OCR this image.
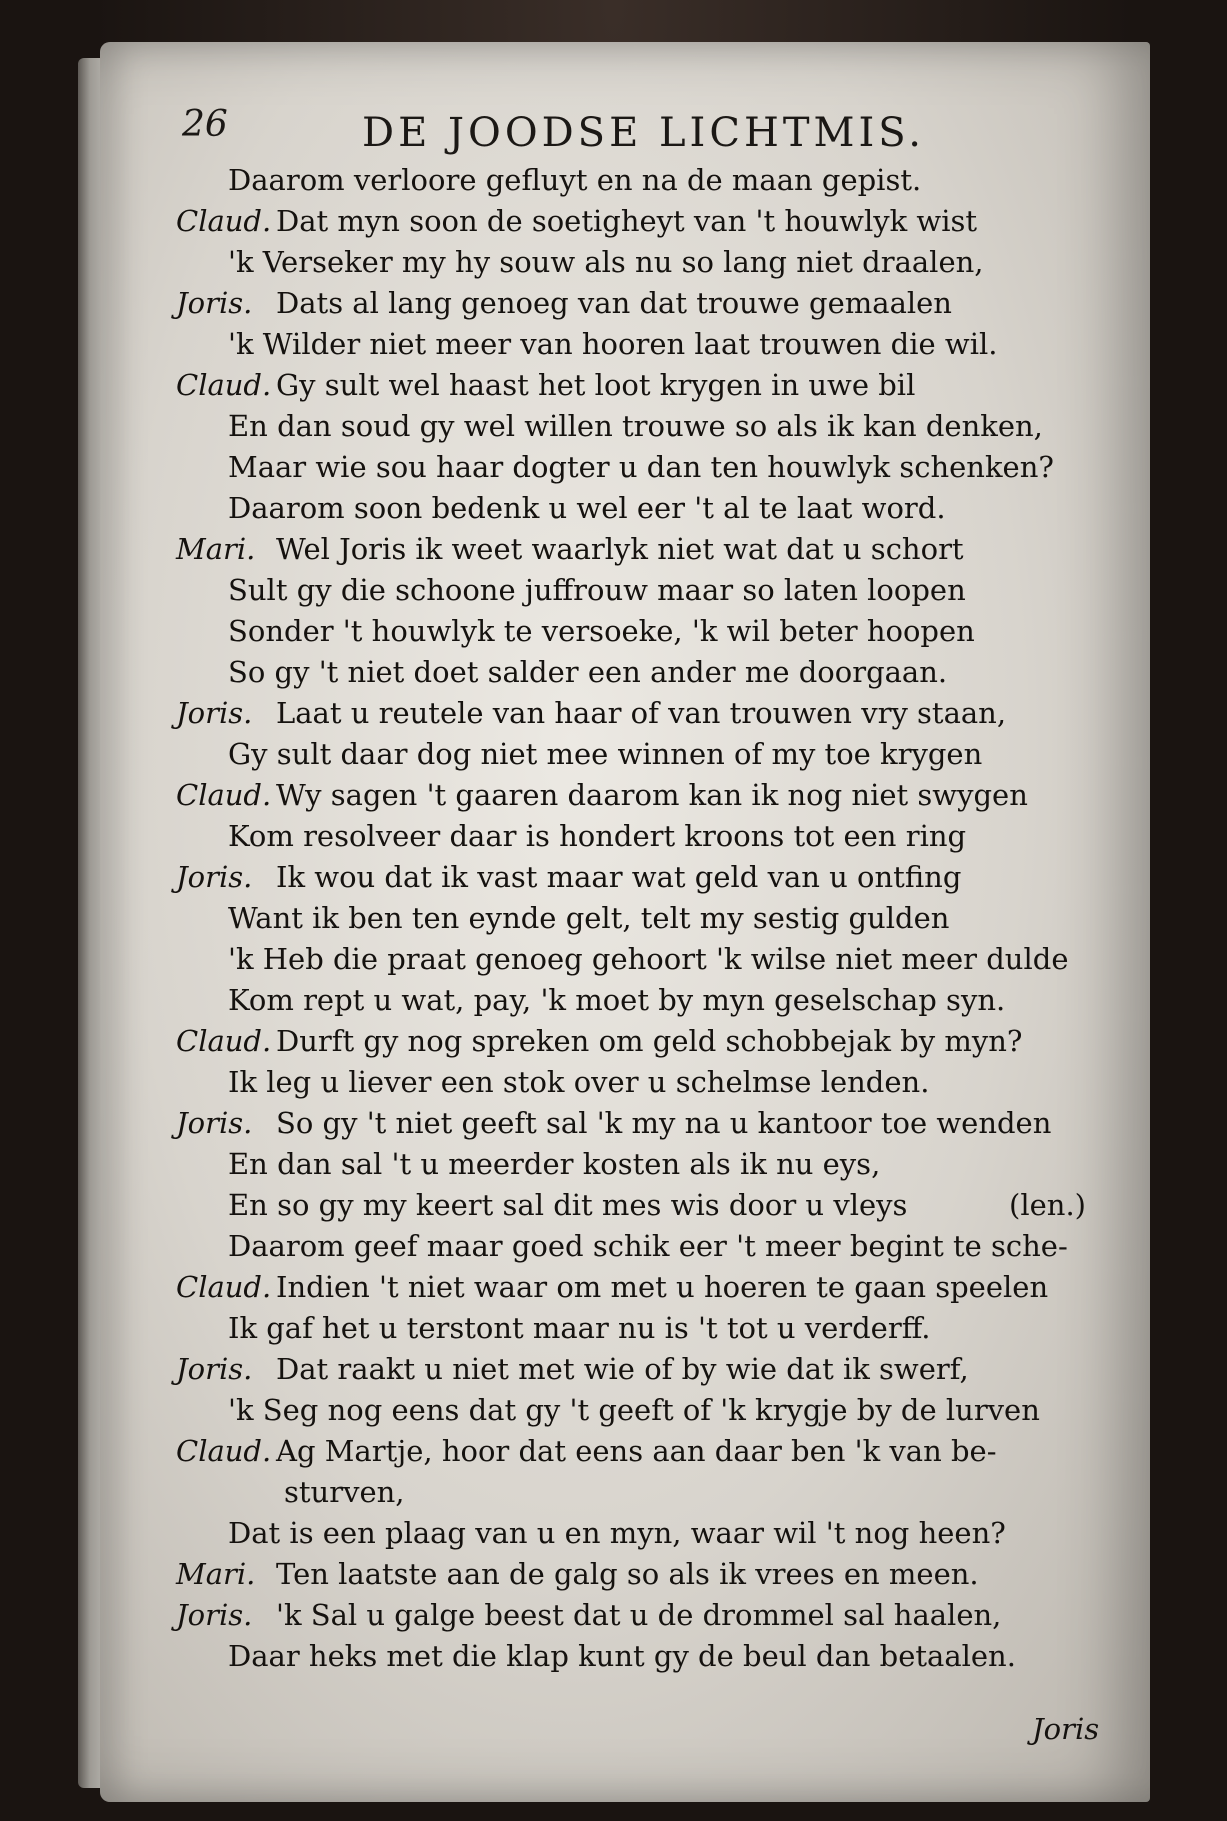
26	DE JOODSE LICHTMIS.
Daarom verloore gefluyt en na de maan gepist.
Claud. Dat myn soon de soetigheyt van 't houwlyk wist
'k Verseker my hy souw als nu so lang niet draalen,
Joris. Dats al lang genoeg van dat trouwe gemaalen
'k Wilder niet meer van hooren laat trouwen die wil.
Claud. Gy sult wel haast het loot krygen in uwe bil
En dan soud gy wel willen trouwe so als ik kan denken,
Maar wie sou haar dogter u dan ten houwlyk schenken?
Daarom soon bedenk u wel eer 't al te laat word.
Mari. Wel Joris ik weet waarlyk niet wat dat u schort
Sult gy die schoone juffrouw maar so laten loopen
Sonder 't houwlyk te versoeke, 'k wil beter hoopen
So gy 't niet doet salder een ander me doorgaan.
Joris. Laat u reutele van haar of van trouwen vry staan,
Gy sult daar dog niet mee winnen of my toe krygen
Claud. Wy sagen 't gaaren daarom kan ik nog niet swygen
Kom resolveer daar is hondert kroons tot een ring
Joris. Ik wou dat ik vast maar wat geld van u ontfing
Want ik ben ten eynde gelt, telt my sestig gulden
'k Heb die praat genoeg gehoort 'k wilse niet meer dulde
Kom rept u wat, pay, 'k moet by myn geselschap syn.
Claud. Durft gy nog spreken om geld schobbejak by myn?
Ik leg u liever een stok over u schelmse lenden.
Joris. So gy 't niet geeft sal 'k my na u kantoor toe wenden
En dan sal 't u meerder kosten als ik nu eys,
En so gy my keert sal dit mes wis door u vleys	(len.)
Daarom geef maar goed schik eer 't meer begint te sche-
Claud. Indien 't niet waar om met u hoeren te gaan speelen
Ik gaf het u terstont maar nu is 't tot u verderff.
Joris. Dat raakt u niet met wie of by wie dat ik swerf,
'k Seg nog eens dat gy 't geeft of 'k krygje by de lurven
Claud. Ag Martje, hoor dat eens aan daar ben 'k van be-
sturven,
Dat is een plaag van u en myn, waar wil 't nog heen?
Mari. Ten laatste aan de galg so als ik vrees en meen.
Joris. 'k Sal u galge beest dat u de drommel sal haalen,
Daar heks met die klap kunt gy de beul dan betaalen.
Joris
